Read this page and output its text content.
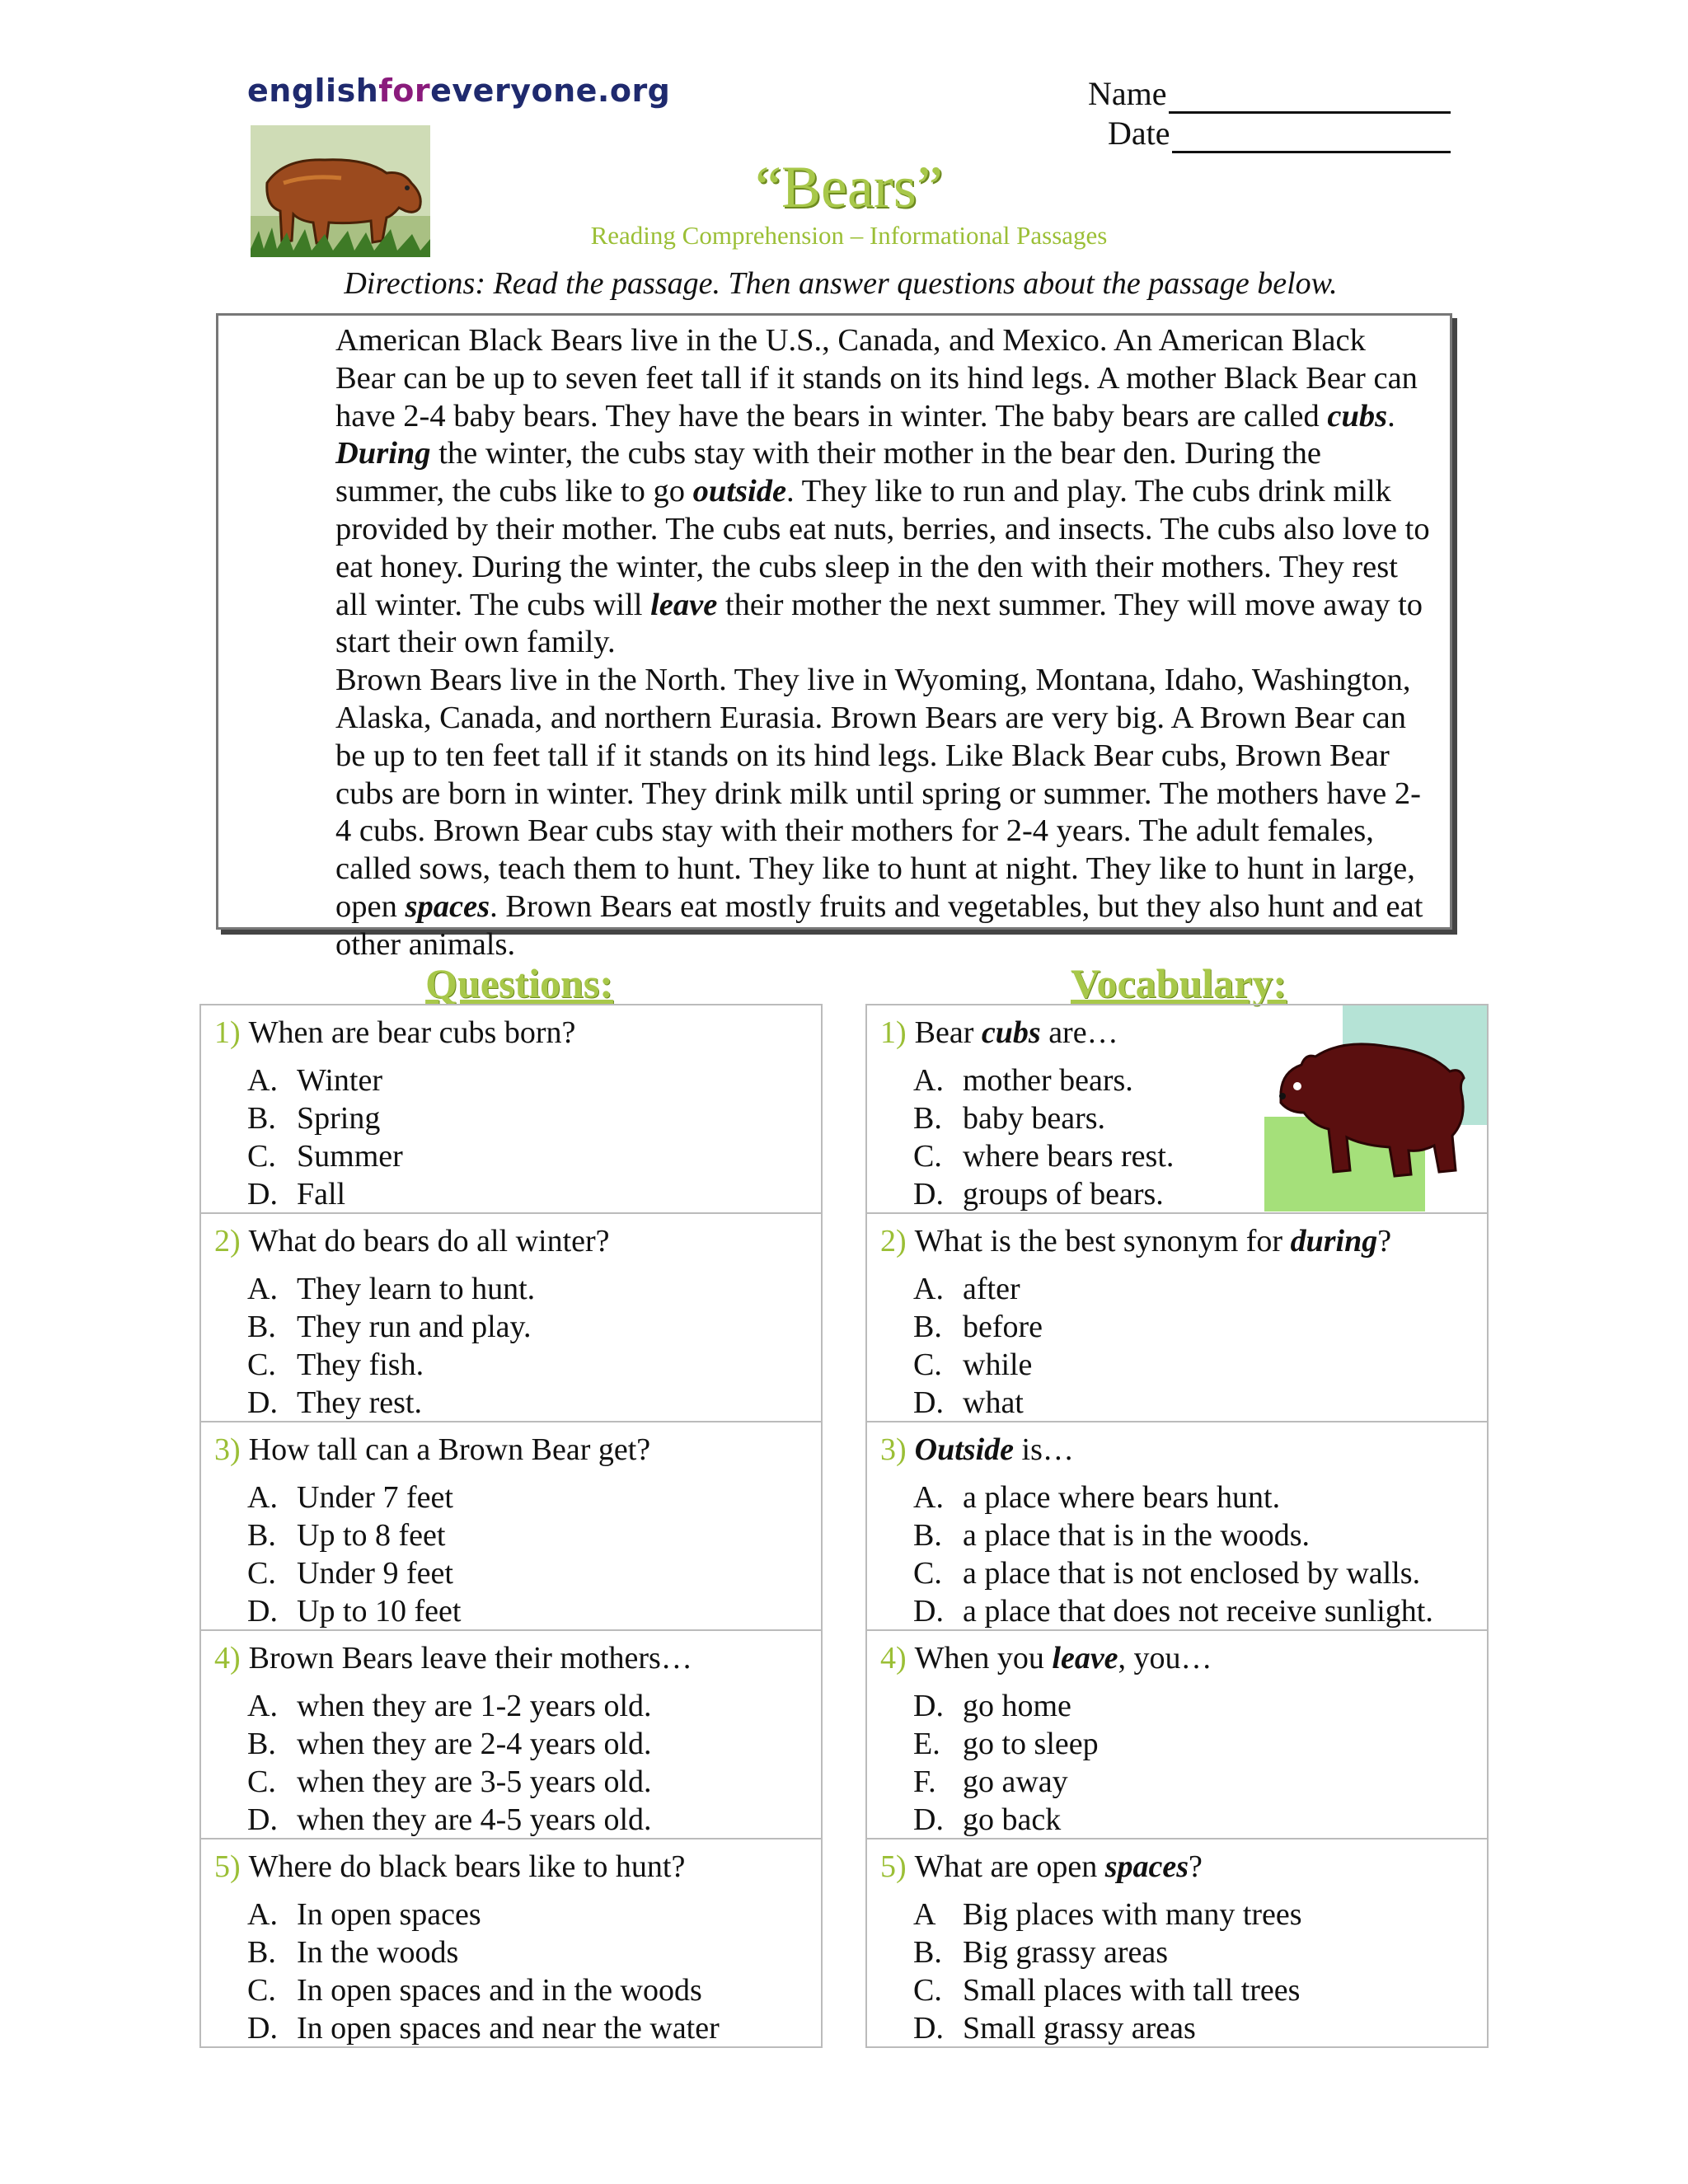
englishforeveryone.org	Name
Date
“Bears”
Reading Comprehension – Informational Passages
Directions: Read the passage. Then answer questions about the passage below.

American Black Bears live in the U.S., Canada, and Mexico. An American Black Bear can be up to seven feet tall if it stands on its hind legs. A mother Black Bear can have 2-4 baby bears. They have the bears in winter. The baby bears are called cubs. During the winter, the cubs stay with their mother in the bear den. During the summer, the cubs like to go outside. They like to run and play. The cubs drink milk provided by their mother. The cubs eat nuts, berries, and insects. The cubs also love to eat honey. During the winter, the cubs sleep in the den with their mothers. They rest all winter. The cubs will leave their mother the next summer. They will move away to start their own family.

Brown Bears live in the North. They live in Wyoming, Montana, Idaho, Washington, Alaska, Canada, and northern Eurasia. Brown Bears are very big. A Brown Bear can be up to ten feet tall if it stands on its hind legs. Like Black Bear cubs, Brown Bear cubs are born in winter. They drink milk until spring or summer. The mothers have 2-4 cubs. Brown Bear cubs stay with their mothers for 2-4 years. The adult females, called sows, teach them to hunt. They like to hunt at night. They like to hunt in large, open spaces. Brown Bears eat mostly fruits and vegetables, but they also hunt and eat other animals.

Questions:	Vocabulary:
1) When are bear cubs born?
A. Winter
B. Spring
C. Summer
D. Fall
2) What do bears do all winter?
A. They learn to hunt.
B. They run and play.
C. They fish.
D. They rest.
3) How tall can a Brown Bear get?
A. Under 7 feet
B. Up to 8 feet
C. Under 9 feet
D. Up to 10 feet
4) Brown Bears leave their mothers…
A. when they are 1-2 years old.
B. when they are 2-4 years old.
C. when they are 3-5 years old.
D. when they are 4-5 years old.
5) Where do black bears like to hunt?
A. In open spaces
B. In the woods
C. In open spaces and in the woods
D. In open spaces and near the water
1) Bear cubs are…
A. mother bears.
B. baby bears.
C. where bears rest.
D. groups of bears.
2) What is the best synonym for during?
A. after
B. before
C. while
D. what
3) Outside is…
A. a place where bears hunt.
B. a place that is in the woods.
C. a place that is not enclosed by walls.
D. a place that does not receive sunlight.
4) When you leave, you…
D. go home
E. go to sleep
F. go away
D. go back
5) What are open spaces?
A Big places with many trees
B. Big grassy areas
C. Small places with tall trees
D. Small grassy areas
